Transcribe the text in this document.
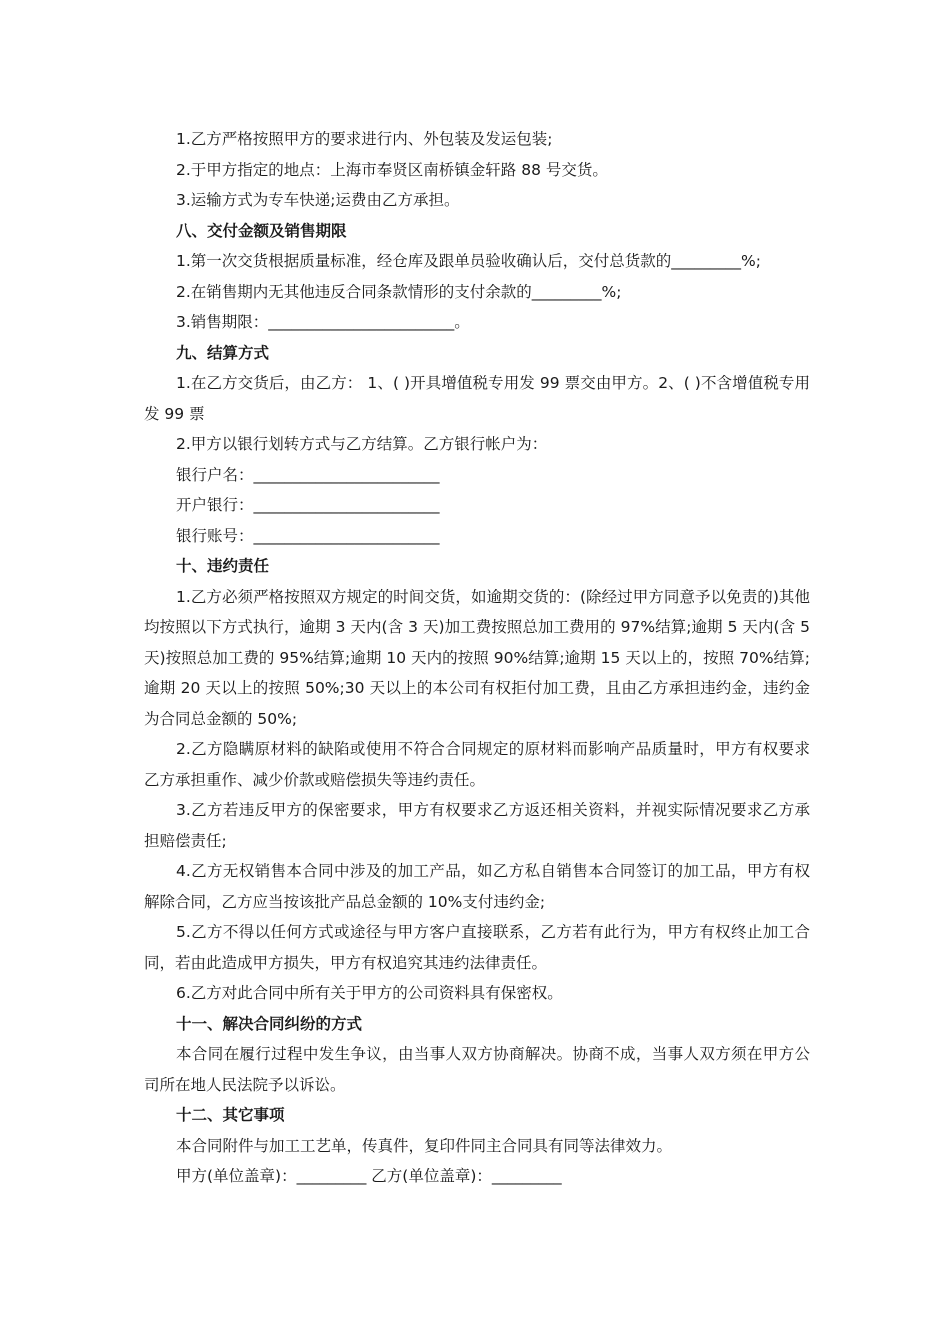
1.乙方严格按照甲方的要求进行内、外包装及发运包装;
2.于甲方指定的地点：上海市奉贤区南桥镇金轩路 88 号交货。
3.运输方式为专车快递;运费由乙方承担。
八、交付金额及销售期限
1.第一次交货根据质量标准，经仓库及跟单员验收确认后，交付总货款的_________%;
2.在销售期内无其他违反合同条款情形的支付余款的_________%;
3.销售期限：________________________。
九、结算方式

1.在乙方交货后，由乙方： 1、( )开具增值税专用发 99 票交由甲方。2、( )不含增值税专用发 99 票

2.甲方以银行划转方式与乙方结算。乙方银行帐户为：
银行户名：________________________
开户银行：________________________
银行账号：________________________
十、违约责任

1.乙方必须严格按照双方规定的时间交货，如逾期交货的：(除经过甲方同意予以免责的)其他均按照以下方式执行，逾期 3 天内(含 3 天)加工费按照总加工费用的 97%结算;逾期 5 天内(含 5 天)按照总加工费的 95%结算;逾期 10 天内的按照 90%结算;逾期 15 天以上的，按照 70%结算;逾期 20 天以上的按照 50%;30 天以上的本公司有权拒付加工费，且由乙方承担违约金，违约金为合同总金额的 50%;

2.乙方隐瞒原材料的缺陷或使用不符合合同规定的原材料而影响产品质量时，甲方有权要求乙方承担重作、减少价款或赔偿损失等违约责任。

3.乙方若违反甲方的保密要求，甲方有权要求乙方返还相关资料，并视实际情况要求乙方承担赔偿责任;

4.乙方无权销售本合同中涉及的加工产品，如乙方私自销售本合同签订的加工品，甲方有权解除合同，乙方应当按该批产品总金额的 10%支付违约金;

5.乙方不得以任何方式或途径与甲方客户直接联系，乙方若有此行为，甲方有权终止加工合同，若由此造成甲方损失，甲方有权追究其违约法律责任。

6.乙方对此合同中所有关于甲方的公司资料具有保密权。
十一、解决合同纠纷的方式

本合同在履行过程中发生争议，由当事人双方协商解决。协商不成，当事人双方须在甲方公司所在地人民法院予以诉讼。

十二、其它事项
本合同附件与加工工艺单，传真件，复印件同主合同具有同等法律效力。
甲方(单位盖章)：_________ 乙方(单位盖章)：_________
